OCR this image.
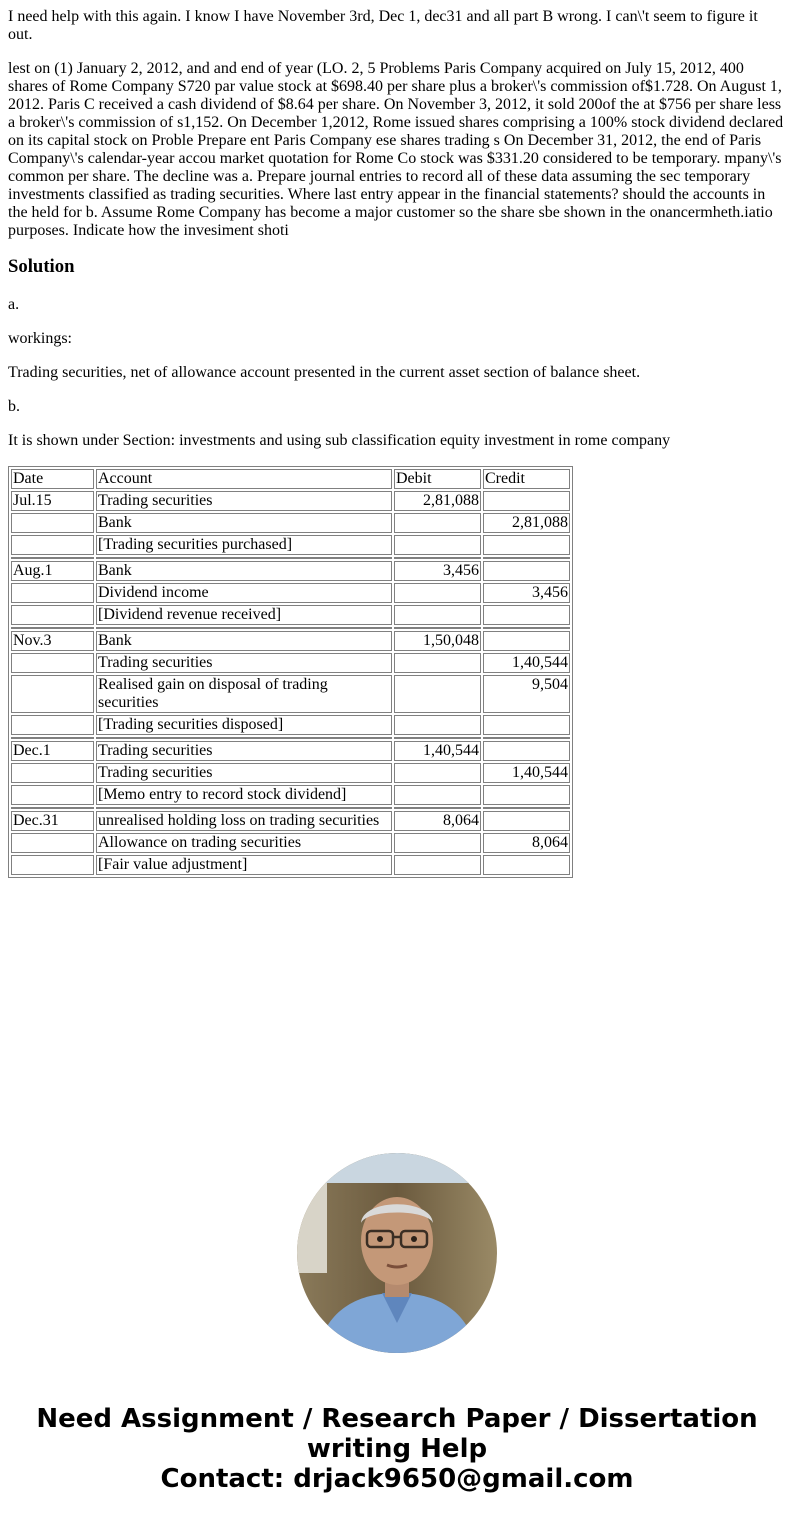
I need help with this again. I know I have November 3rd, Dec 1, dec31 and all part B wrong. I can\'t seem to figure it out.

lest on (1) January 2, 2012, and and end of year (LO. 2, 5 Problems Paris Company acquired on July 15, 2012, 400 shares of Rome Company S720 par value stock at $698.40 per share plus a broker\'s commission of$1.728. On August 1, 2012. Paris C received a cash dividend of $8.64 per share. On November 3, 2012, it sold 200of the at $756 per share less a broker\'s commission of s1,152. On December 1,2012, Rome issued shares comprising a 100% stock dividend declared on its capital stock on Proble Prepare ent Paris Company ese shares trading s On December 31, 2012, the end of Paris Company\'s calendar-year accou market quotation for Rome Co stock was $331.20 considered to be temporary. mpany\'s common per share. The decline was a. Prepare journal entries to record all of these data assuming the sec temporary investments classified as trading securities. Where last entry appear in the financial statements? should the accounts in the held for b. Assume Rome Company has become a major customer so the share sbe shown in the onancermheth.iatio purposes. Indicate how the invesiment shoti

Solution

a.

workings:

Trading securities, net of allowance account presented in the current asset section of balance sheet.

b.

It is shown under Section: investments and using sub classification equity investment in rome company

Date	Account	Debit	Credit
Jul.15	Trading securities	2,81,088	
	Bank		2,81,088
	[Trading securities purchased]		

Aug.1	Bank	3,456	
	Dividend income		3,456
	[Dividend revenue received]		

Nov.3	Bank	1,50,048	
	Trading securities		1,40,544
	Realised gain on disposal of trading securities		9,504
	[Trading securities disposed]		

Dec.1	Trading securities	1,40,544	
	Trading securities		1,40,544
	[Memo entry to record stock dividend]		

Dec.31	unrealised holding loss on trading securities	8,064	
	Allowance on trading securities		8,064
	[Fair value adjustment]		
Need Assignment / Research Paper / Dissertation
writing Help
Contact: drjack9650@gmail.com
